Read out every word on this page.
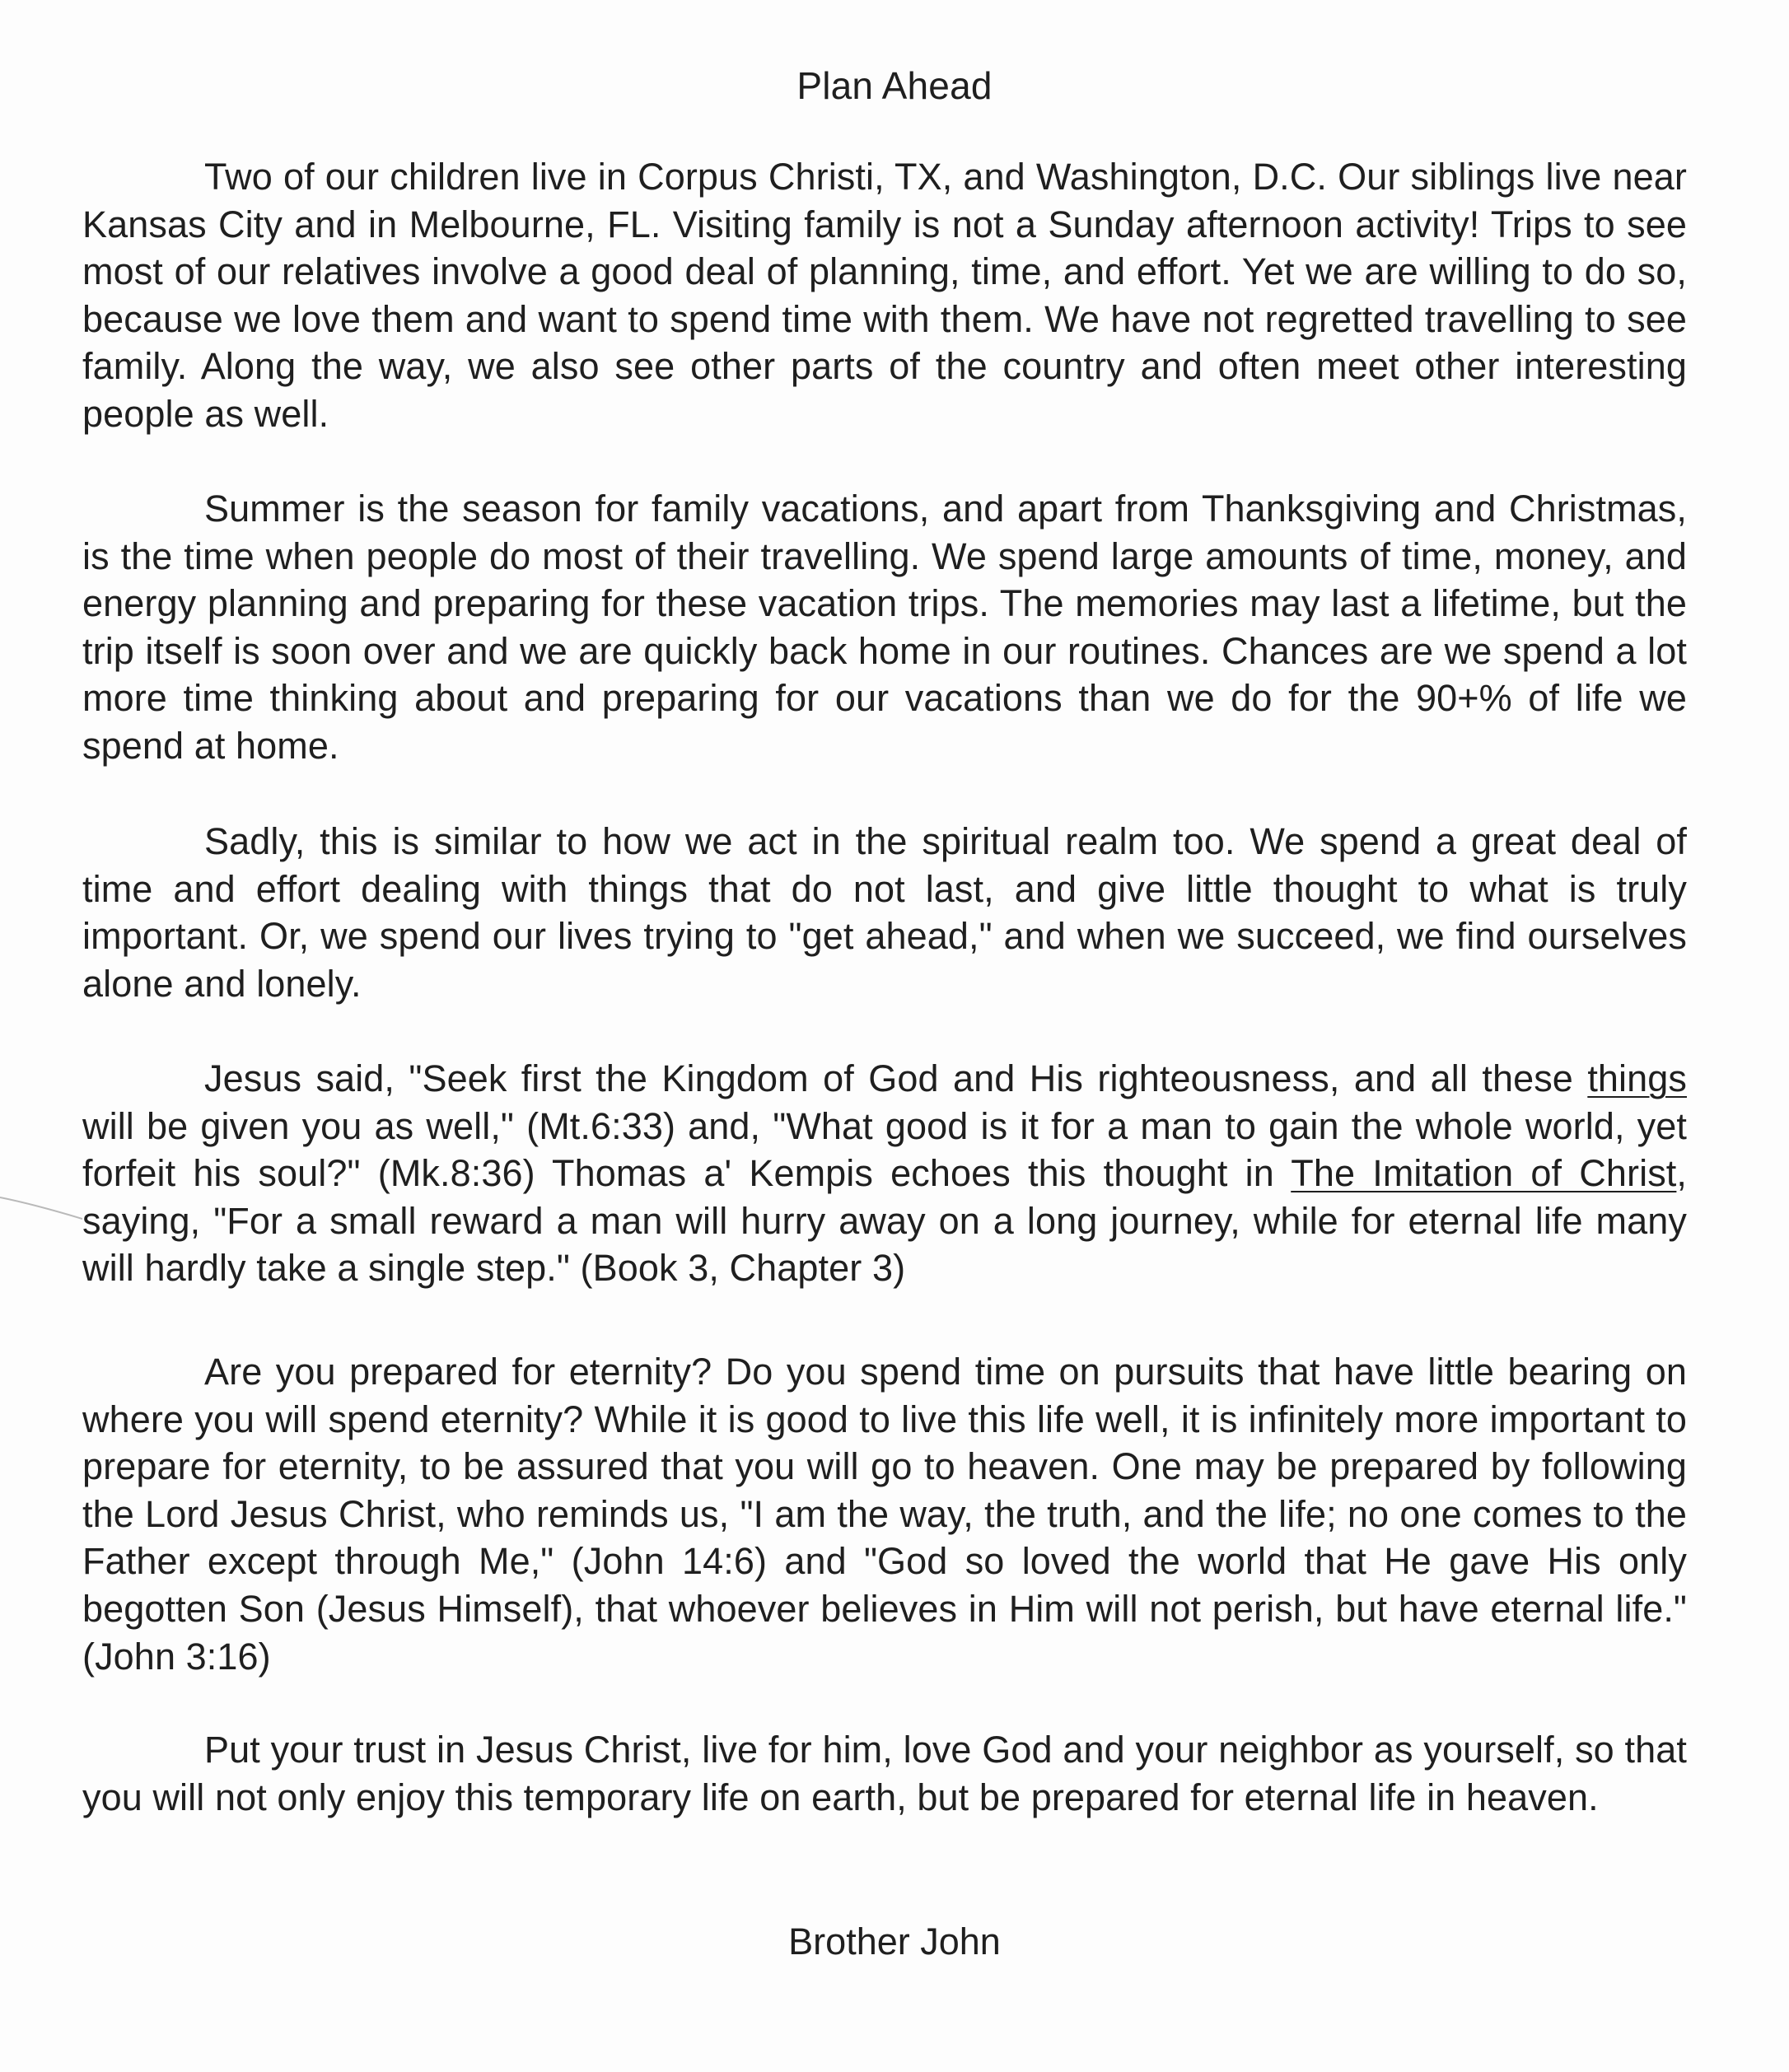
Plan Ahead

Two of our children live in Corpus Christi, TX, and Washington, D.C. Our siblings live near Kansas City and in Melbourne, FL. Visiting family is not a Sunday afternoon activity! Trips to see most of our relatives involve a good deal of planning, time, and effort. Yet we are willing to do so, because we love them and want to spend time with them. We have not regretted travelling to see family. Along the way, we also see other parts of the country and often meet other interesting people as well.

Summer is the season for family vacations, and apart from Thanksgiving and Christmas, is the time when people do most of their travelling. We spend large amounts of time, money, and energy planning and preparing for these vacation trips. The memories may last a lifetime, but the trip itself is soon over and we are quickly back home in our routines. Chances are we spend a lot more time thinking about and preparing for our vacations than we do for the 90+% of life we spend at home.

Sadly, this is similar to how we act in the spiritual realm too. We spend a great deal of time and effort dealing with things that do not last, and give little thought to what is truly important. Or, we spend our lives trying to "get ahead," and when we succeed, we find ourselves alone and lonely.

Jesus said, "Seek first the Kingdom of God and His righteousness, and all these things will be given you as well," (Mt.6:33) and, "What good is it for a man to gain the whole world, yet forfeit his soul?" (Mk.8:36) Thomas a' Kempis echoes this thought in The Imitation of Christ, saying, "For a small reward a man will hurry away on a long journey, while for eternal life many will hardly take a single step." (Book 3, Chapter 3)

Are you prepared for eternity? Do you spend time on pursuits that have little bearing on where you will spend eternity? While it is good to live this life well, it is infinitely more important to prepare for eternity, to be assured that you will go to heaven. One may be prepared by following the Lord Jesus Christ, who reminds us, "I am the way, the truth, and the life; no one comes to the Father except through Me," (John 14:6) and "God so loved the world that He gave His only begotten Son (Jesus Himself), that whoever believes in Him will not perish, but have eternal life." (John 3:16)

Put your trust in Jesus Christ, live for him, love God and your neighbor as yourself, so that you will not only enjoy this temporary life on earth, but be prepared for eternal life in heaven.

Brother John
